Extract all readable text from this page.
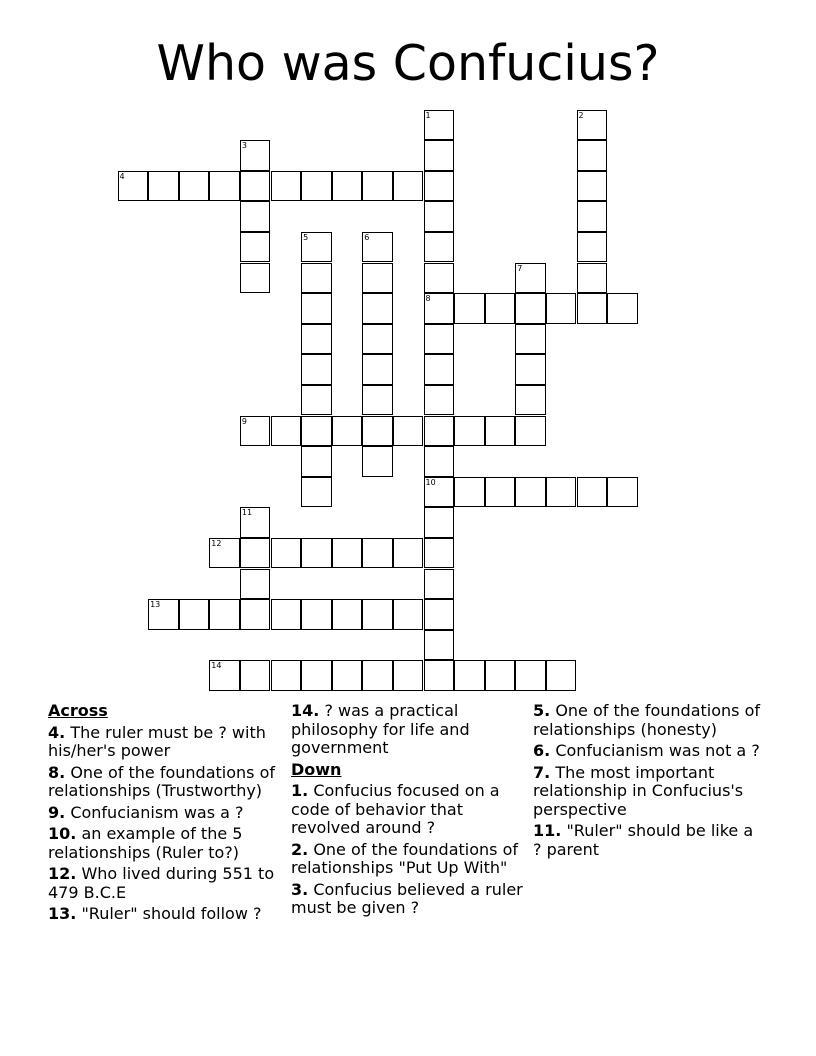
Who was Confucius?
1
8
10
2
3
4
5	6
7
9
11
12
13
14
Across
4. The ruler must be ? with his/her's power
8. One of the foundations of relationships (Trustworthy)
9. Confucianism was a ?
10. an example of the 5 relationships (Ruler to?)
12. Who lived during 551 to 479 B.C.E
13. "Ruler" should follow ?
14. ? was a practical philosophy for life and government
Down
1. Confucius focused on a code of behavior that revolved around ?
2. One of the foundations of relationships "Put Up With"
3. Confucius believed a ruler must be given ?
5. One of the foundations of relationships (honesty)
6. Confucianism was not a ?
7. The most important relationship in Confucius's perspective
11. "Ruler" should be like a ? parent
